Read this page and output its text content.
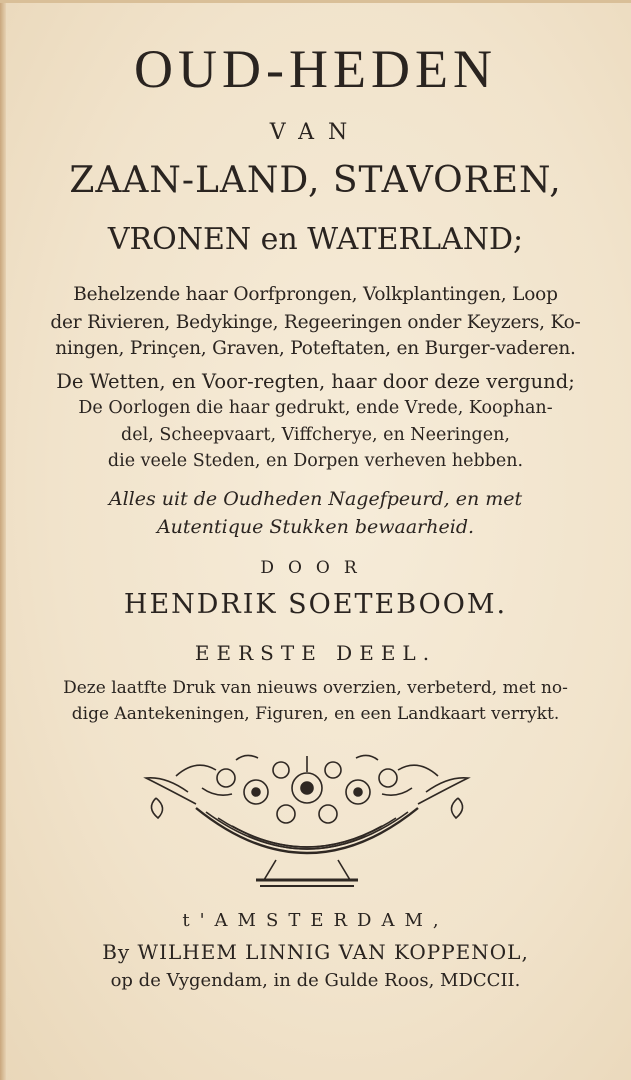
OUD-HEDEN
VAN
ZAAN-LAND, STAVOREN,
VRONEN en WATERLAND;
Behelzende haar Oorfprongen, Volkplantingen, Loop
der Rivieren, Bedykinge, Regeeringen onder Keyzers, Ko-
ningen, Prinçen, Graven, Poteftaten, en Burger-vaderen.
De Wetten, en Voor-regten, haar door deze vergund;
De Oorlogen die haar gedrukt, ende Vrede, Koophan-
del, Scheepvaart, Viffcherye, en Neeringen,
die veele Steden, en Dorpen verheven hebben.
Alles uit de Oudheden Nagefpeurd, en met
Autentique Stukken bewaarheid.
DOOR
HENDRIK SOETEBOOM.
EERSTE DEEL.
Deze laatfte Druk van nieuws overzien, verbeterd, met no-
dige Aantekeningen, Figuren, en een Landkaart verrykt.
t'AMSTERDAM,
By WILHEM LINNIG VAN KOPPENOL,
op de Vygendam, in de Gulde Roos, MDCCII.
